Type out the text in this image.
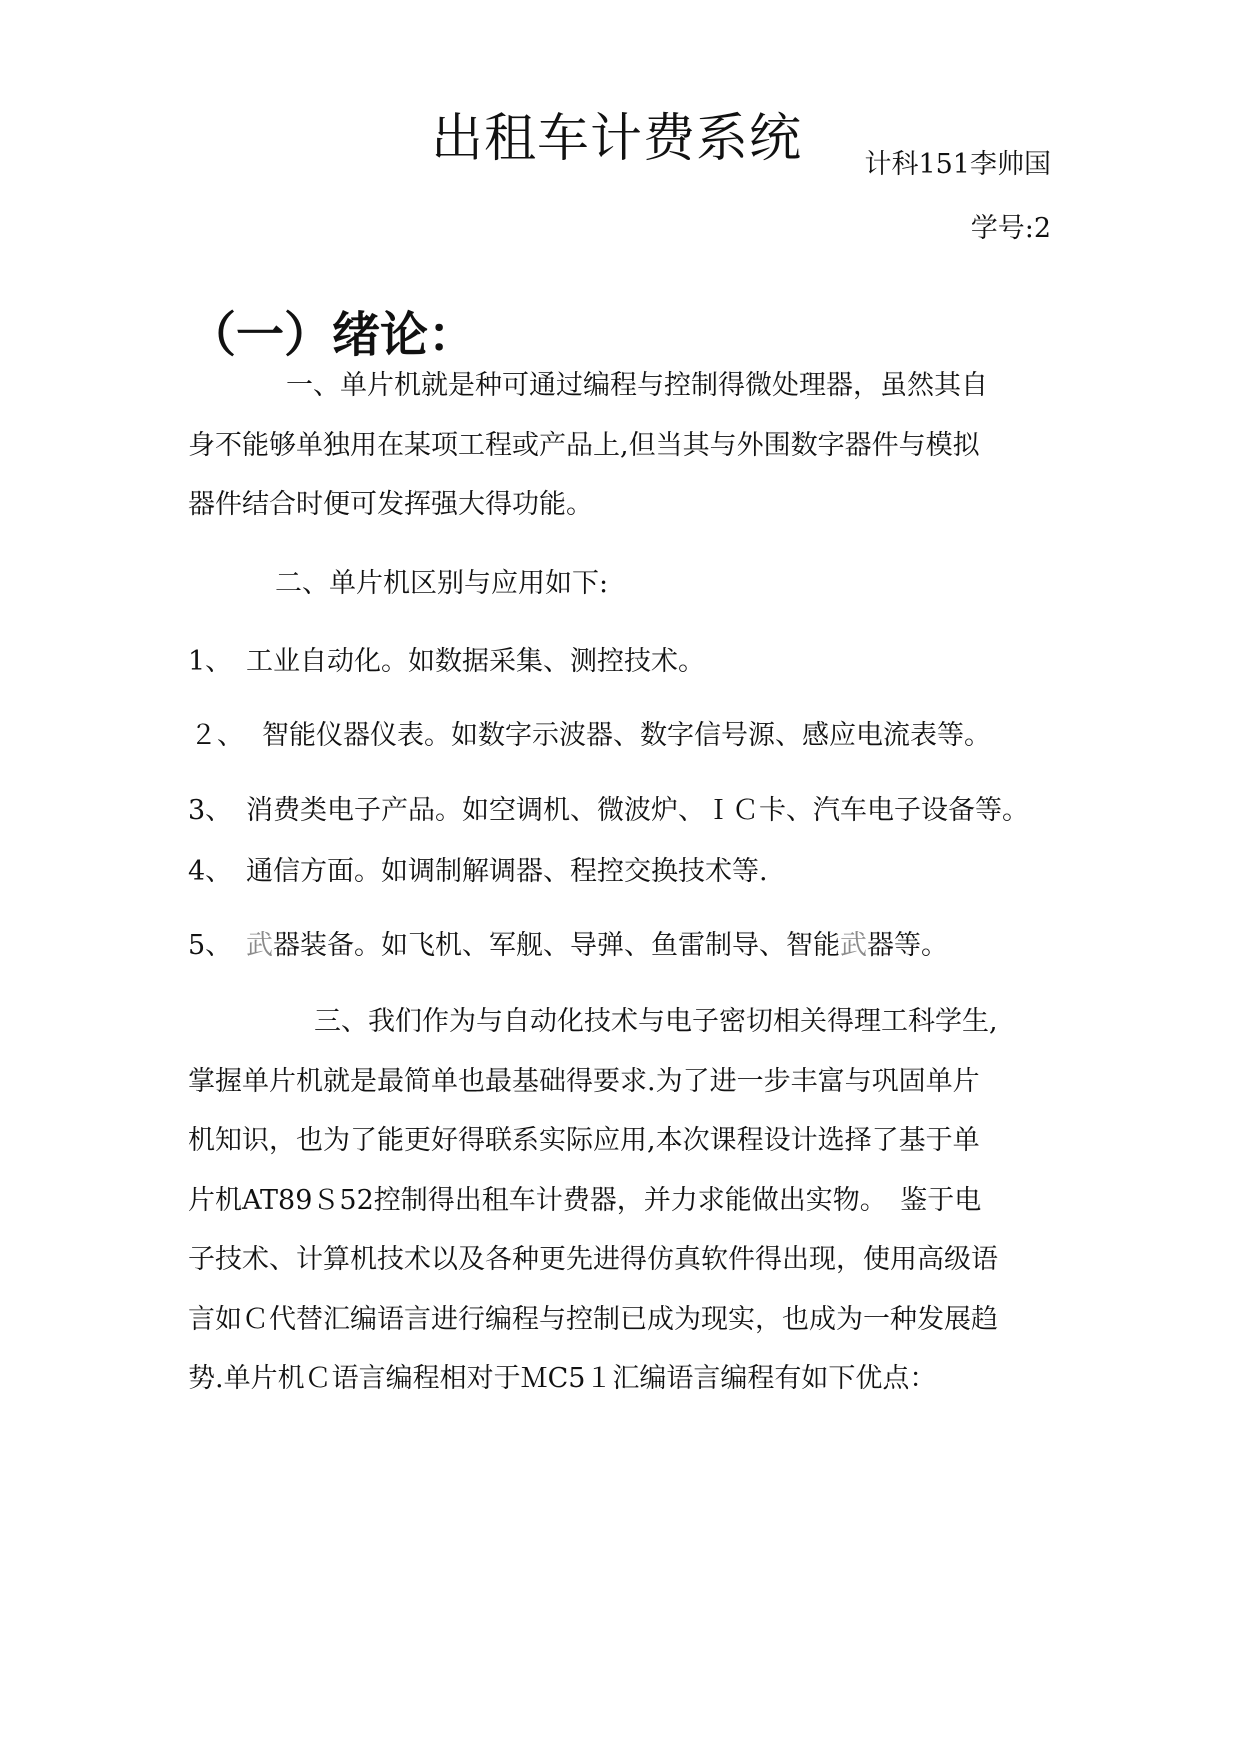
出租车计费系统 计科151李帅国
学号:2
（一）绪论：
一、单片机就是种可通过编程与控制得微处理器，虽然其自
身不能够单独用在某项工程或产品上,但当其与外围数字器件与模拟
器件结合时便可发挥强大得功能。
二、单片机区别与应用如下:
1、 工业自动化。如数据采集、测控技术。
２、 智能仪器仪表。如数字示波器、数字信号源、感应电流表等。
3、 消费类电子产品。如空调机、微波炉、ＩＣ卡、汽车电子设备等。
4、 通信方面。如调制解调器、程控交换技术等.
5、 武器装备。如飞机、军舰、导弹、鱼雷制导、智能武器等。
三、我们作为与自动化技术与电子密切相关得理工科学生,
掌握单片机就是最简单也最基础得要求.为了进一步丰富与巩固单片
机知识，也为了能更好得联系实际应用,本次课程设计选择了基于单
片机AT89Ｓ52控制得出租车计费器，并力求能做出实物。　鉴于电
子技术、计算机技术以及各种更先进得仿真软件得出现，使用高级语
言如Ｃ代替汇编语言进行编程与控制已成为现实，也成为一种发展趋
势.单片机Ｃ语言编程相对于ＭC5１汇编语言编程有如下优点：
